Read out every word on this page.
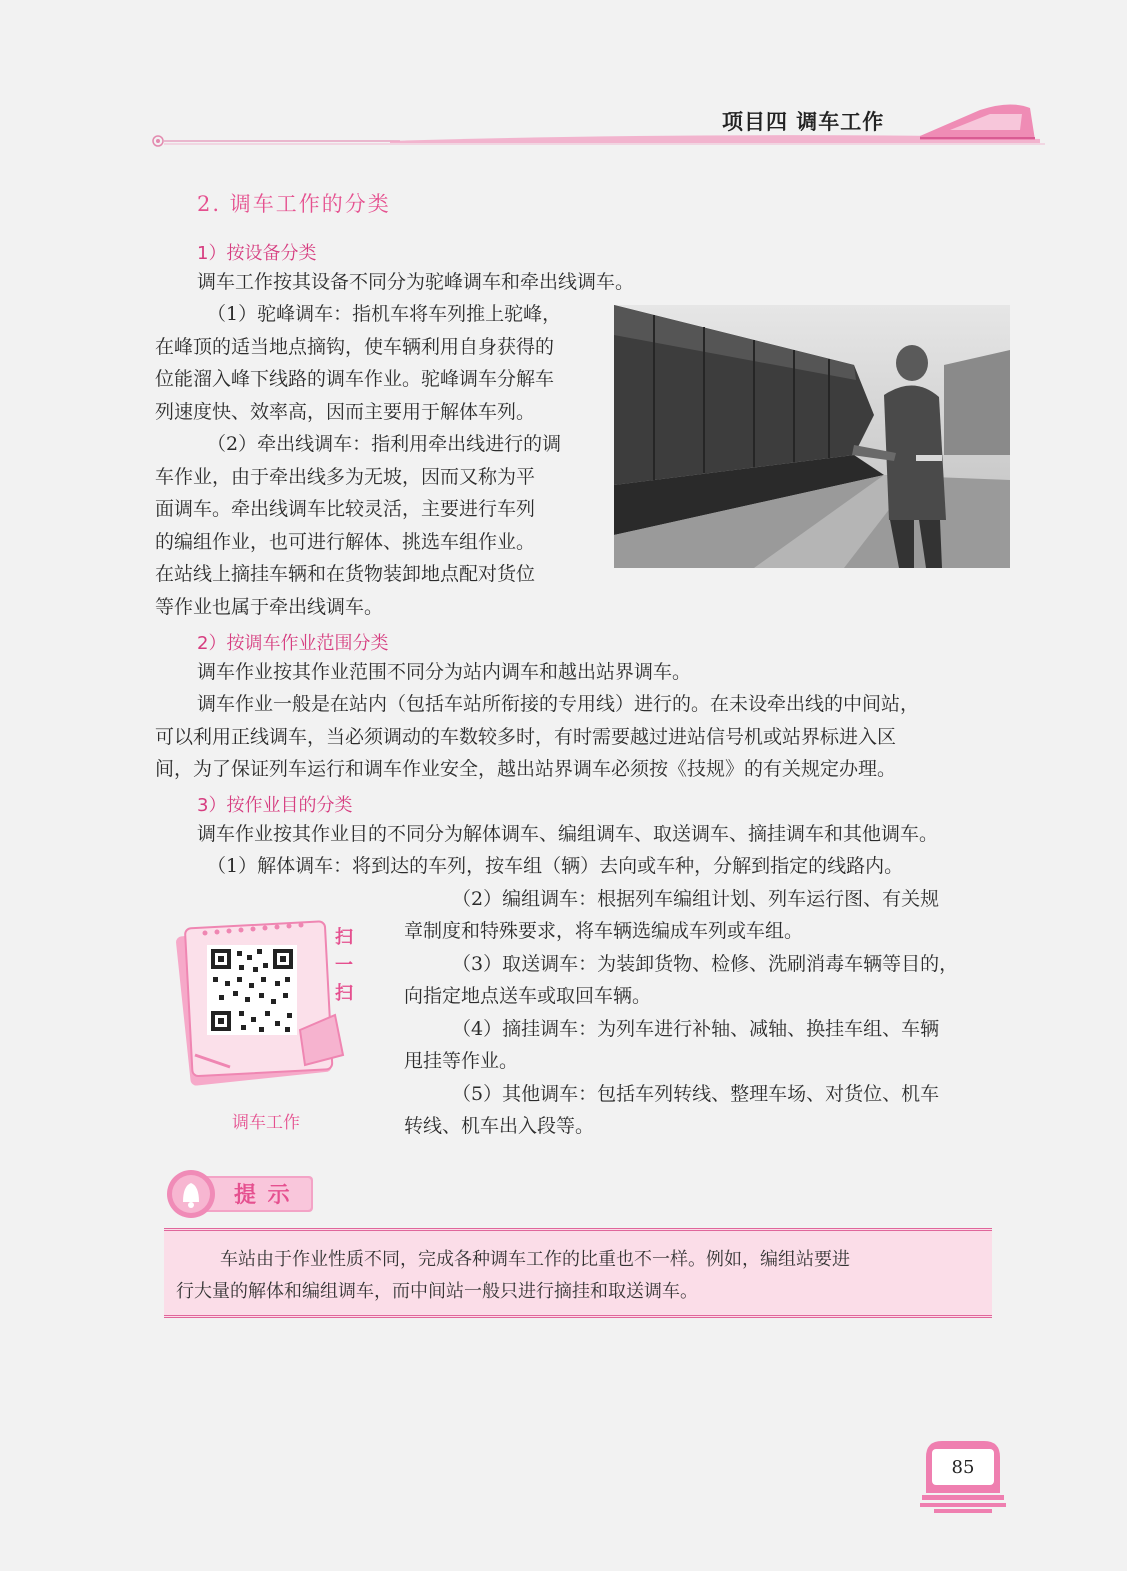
项目四 调车工作
2. 调车工作的分类
1）按设备分类
调车工作按其设备不同分为驼峰调车和牵出线调车。
（1）驼峰调车：指机车将车列推上驼峰，
在峰顶的适当地点摘钩，使车辆利用自身获得的
位能溜入峰下线路的调车作业。驼峰调车分解车
列速度快、效率高，因而主要用于解体车列。
（2）牵出线调车：指利用牵出线进行的调
车作业，由于牵出线多为无坡，因而又称为平
面调车。牵出线调车比较灵活，主要进行车列
的编组作业，也可进行解体、挑选车组作业。
在站线上摘挂车辆和在货物装卸地点配对货位
等作业也属于牵出线调车。
2）按调车作业范围分类
调车作业按其作业范围不同分为站内调车和越出站界调车。
调车作业一般是在站内（包括车站所衔接的专用线）进行的。在未设牵出线的中间站，
可以利用正线调车，当必须调动的车数较多时，有时需要越过进站信号机或站界标进入区
间，为了保证列车运行和调车作业安全，越出站界调车必须按《技规》的有关规定办理。
3）按作业目的分类
调车作业按其作业目的不同分为解体调车、编组调车、取送调车、摘挂调车和其他调车。
（1）解体调车：将到达的车列，按车组（辆）去向或车种，分解到指定的线路内。
（2）编组调车：根据列车编组计划、列车运行图、有关规
章制度和特殊要求，将车辆选编成车列或车组。
（3）取送调车：为装卸货物、检修、洗刷消毒车辆等目的，
向指定地点送车或取回车辆。
（4）摘挂调车：为列车进行补轴、减轴、换挂车组、车辆
甩挂等作业。
（5）其他调车：包括车列转线、整理车场、对货位、机车
转线、机车出入段等。
扫一扫
调车工作
提 示
车站由于作业性质不同，完成各种调车工作的比重也不一样。例如，编组站要进
行大量的解体和编组调车，而中间站一般只进行摘挂和取送调车。
85
